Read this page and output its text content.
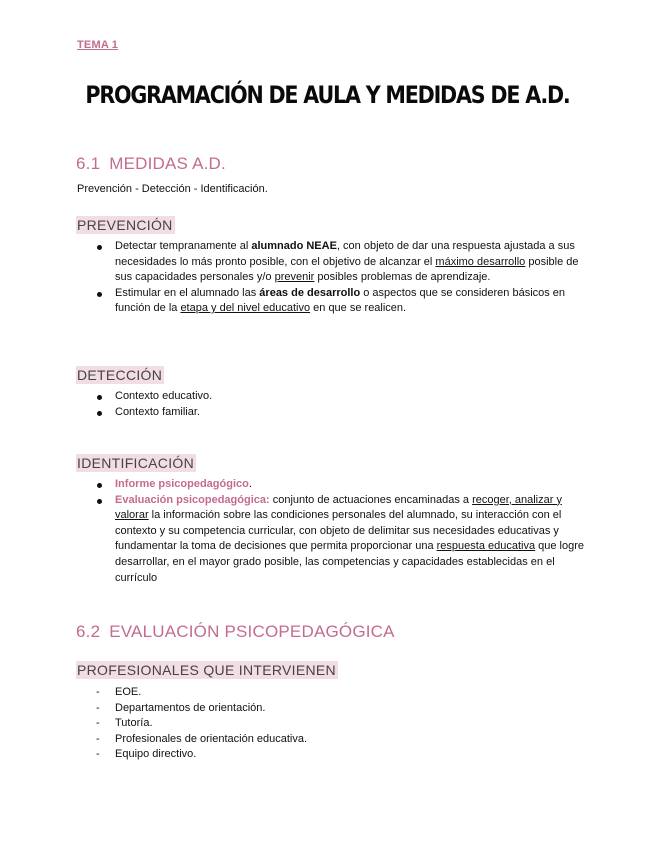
TEMA 1
PROGRAMACIÓN DE AULA Y MEDIDAS DE A.D.
6.1 MEDIDAS A.D.
Prevención - Detección - Identificación.
PREVENCIÓN
Detectar tempranamente al alumnado NEAE, con objeto de dar una respuesta ajustada a sus necesidades lo más pronto posible, con el objetivo de alcanzar el máximo desarrollo posible de sus capacidades personales y/o prevenir posibles problemas de aprendizaje.
Estimular en el alumnado las áreas de desarrollo o aspectos que se consideren básicos en función de la etapa y del nivel educativo en que se realicen.
DETECCIÓN
Contexto educativo.
Contexto familiar.
IDENTIFICACIÓN
Informe psicopedagógico.
Evaluación psicopedagógica: conjunto de actuaciones encaminadas a recoger, analizar y valorar la información sobre las condiciones personales del alumnado, su interacción con el contexto y su competencia curricular, con objeto de delimitar sus necesidades educativas y fundamentar la toma de decisiones que permita proporcionar una respuesta educativa que logre desarrollar, en el mayor grado posible, las competencias y capacidades establecidas en el currículo
6.2 EVALUACIÓN PSICOPEDAGÓGICA
PROFESIONALES QUE INTERVIENEN
- EOE.
- Departamentos de orientación.
- Tutoría.
- Profesionales de orientación educativa.
- Equipo directivo.
